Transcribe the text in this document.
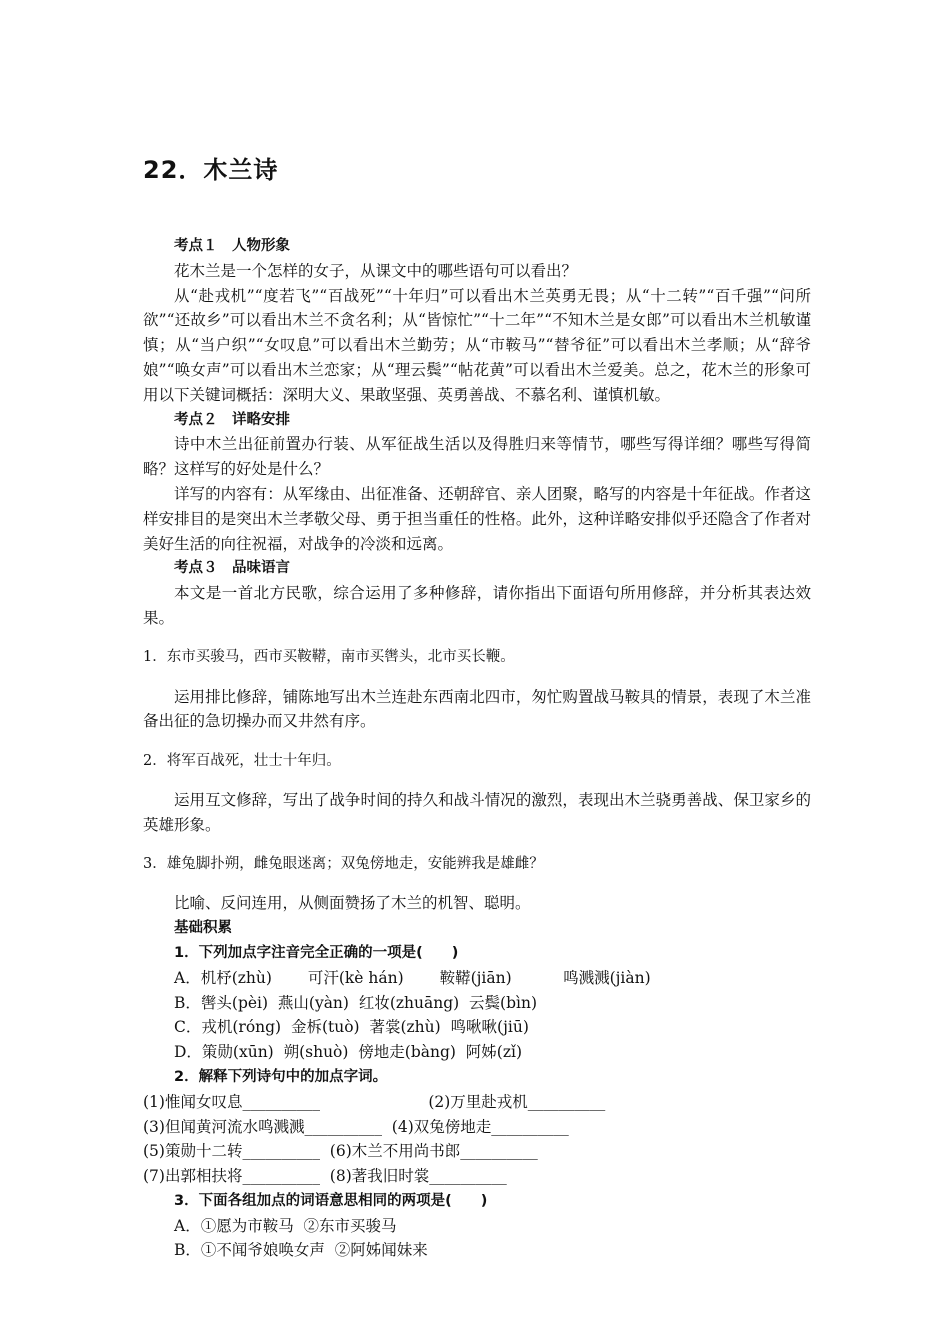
22．木兰诗

考点１　人物形象

花木兰是一个怎样的女子，从课文中的哪些语句可以看出？

从“赴戎机”“度若飞”“百战死”“十年归”可以看出木兰英勇无畏；从“十二转”“百千强”“问所欲”“还故乡”可以看出木兰不贪名利；从“皆惊忙”“十二年”“不知木兰是女郎”可以看出木兰机敏谨慎；从“当户织”“女叹息”可以看出木兰勤劳；从“市鞍马”“替爷征”可以看出木兰孝顺；从“辞爷娘”“唤女声”可以看出木兰恋家；从“理云鬓”“帖花黄”可以看出木兰爱美。总之，花木兰的形象可用以下关键词概括：深明大义、果敢坚强、英勇善战、不慕名利、谨慎机敏。

考点２　详略安排

诗中木兰出征前置办行装、从军征战生活以及得胜归来等情节，哪些写得详细？哪些写得简略？这样写的好处是什么？

详写的内容有：从军缘由、出征准备、还朝辞官、亲人团聚，略写的内容是十年征战。作者这样安排目的是突出木兰孝敬父母、勇于担当重任的性格。此外，这种详略安排似乎还隐含了作者对美好生活的向往祝福，对战争的冷淡和远离。

考点３　品味语言

本文是一首北方民歌，综合运用了多种修辞，请你指出下面语句所用修辞，并分析其表达效果。

1．东市买骏马，西市买鞍鞯，南市买辔头，北市买长鞭。

运用排比修辞，铺陈地写出木兰连赴东西南北四市，匆忙购置战马鞍具的情景，表现了木兰准备出征的急切操办而又井然有序。

2．将军百战死，壮士十年归。

运用互文修辞，写出了战争时间的持久和战斗情况的激烈，表现出木兰骁勇善战、保卫家乡的英雄形象。

3．雄兔脚扑朔，雌兔眼迷离；双兔傍地走，安能辨我是雄雌？

比喻、反问连用，从侧面赞扬了木兰的机智、聪明。

基础积累

1．下列加点字注音完全正确的一项是(　　)

A．机杼(zhù)　　 可汗(kè hán)　　 鞍鞯(jiān)　　　 鸣溅溅(jiàn)

B．辔头(pèi)  燕山(yàn)  红妆(zhuāng)  云鬓(bìn)

C．戎机(róng)  金柝(tuò)  著裳(zhù)  鸣啾啾(jiū)

D．策勋(xūn)  朔(shuò)  傍地走(bàng)  阿姊(zǐ)

2．解释下列诗句中的加点字词。

(1)惟闻女叹息__________                      (2)万里赴戎机__________

(3)但闻黄河流水鸣溅溅__________  (4)双兔傍地走__________

(5)策勋十二转__________  (6)木兰不用尚书郎__________

(7)出郭相扶将__________  (8)著我旧时裳__________

3．下面各组加点的词语意思相同的两项是(　　)

A．①愿为市鞍马  ②东市买骏马

B．①不闻爷娘唤女声  ②阿姊闻妹来
